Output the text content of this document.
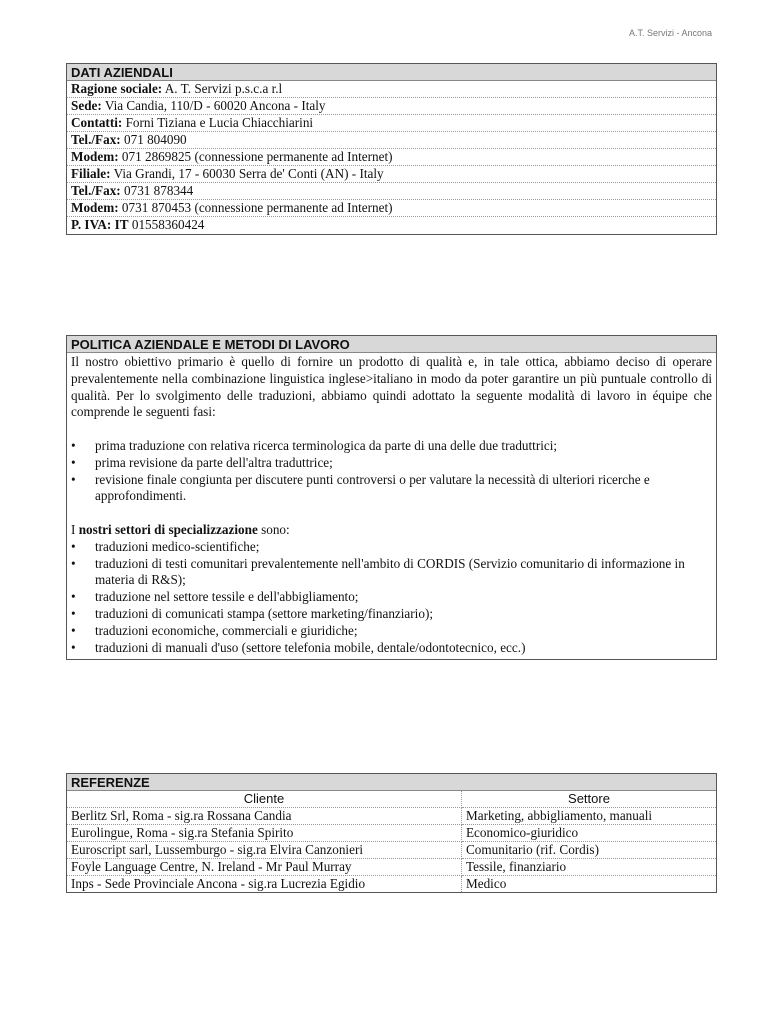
A.T. Servizi - Ancona
DATI AZIENDALI
Ragione sociale: A. T. Servizi p.s.c.a r.l
Sede: Via Candia, 110/D - 60020 Ancona - Italy
Contatti: Forni Tiziana e Lucia Chiacchiarini
Tel./Fax: 071 804090
Modem: 071 2869825 (connessione permanente ad Internet)
Filiale: Via Grandi, 17 - 60030 Serra de' Conti (AN) - Italy
Tel./Fax: 0731 878344
Modem: 0731 870453 (connessione permanente ad Internet)
P. IVA: IT 01558360424
POLITICA AZIENDALE E METODI DI LAVORO

Il nostro obiettivo primario è quello di fornire un prodotto di qualità e, in tale ottica, abbiamo deciso di operare prevalentemente nella combinazione linguistica inglese>italiano in modo da poter garantire un più puntuale controllo di qualità. Per lo svolgimento delle traduzioni, abbiamo quindi adottato la seguente modalità di lavoro in équipe che comprende le seguenti fasi:

• prima traduzione con relativa ricerca terminologica da parte di una delle due traduttrici;
• prima revisione da parte dell'altra traduttrice;
• revisione finale congiunta per discutere punti controversi o per valutare la necessità di ulteriori ricerche e approfondimenti.

I nostri settori di specializzazione sono:

• traduzioni medico-scientifiche;
• traduzioni di testi comunitari prevalentemente nell'ambito di CORDIS (Servizio comunitario di informazione in materia di R&S);
• traduzione nel settore tessile e dell'abbigliamento;
• traduzioni di comunicati stampa (settore marketing/finanziario);
• traduzioni economiche, commerciali e giuridiche;
• traduzioni di manuali d'uso (settore telefonia mobile, dentale/odontotecnico, ecc.)
REFERENZE
Cliente	Settore
Berlitz Srl, Roma - sig.ra Rossana Candia	Marketing, abbigliamento, manuali
Eurolingue, Roma - sig.ra Stefania Spirito	Economico-giuridico
Euroscript sarl, Lussemburgo - sig.ra Elvira Canzonieri	Comunitario (rif. Cordis)
Foyle Language Centre, N. Ireland - Mr Paul Murray	Tessile, finanziario
Inps - Sede Provinciale Ancona - sig.ra Lucrezia Egidio	Medico
